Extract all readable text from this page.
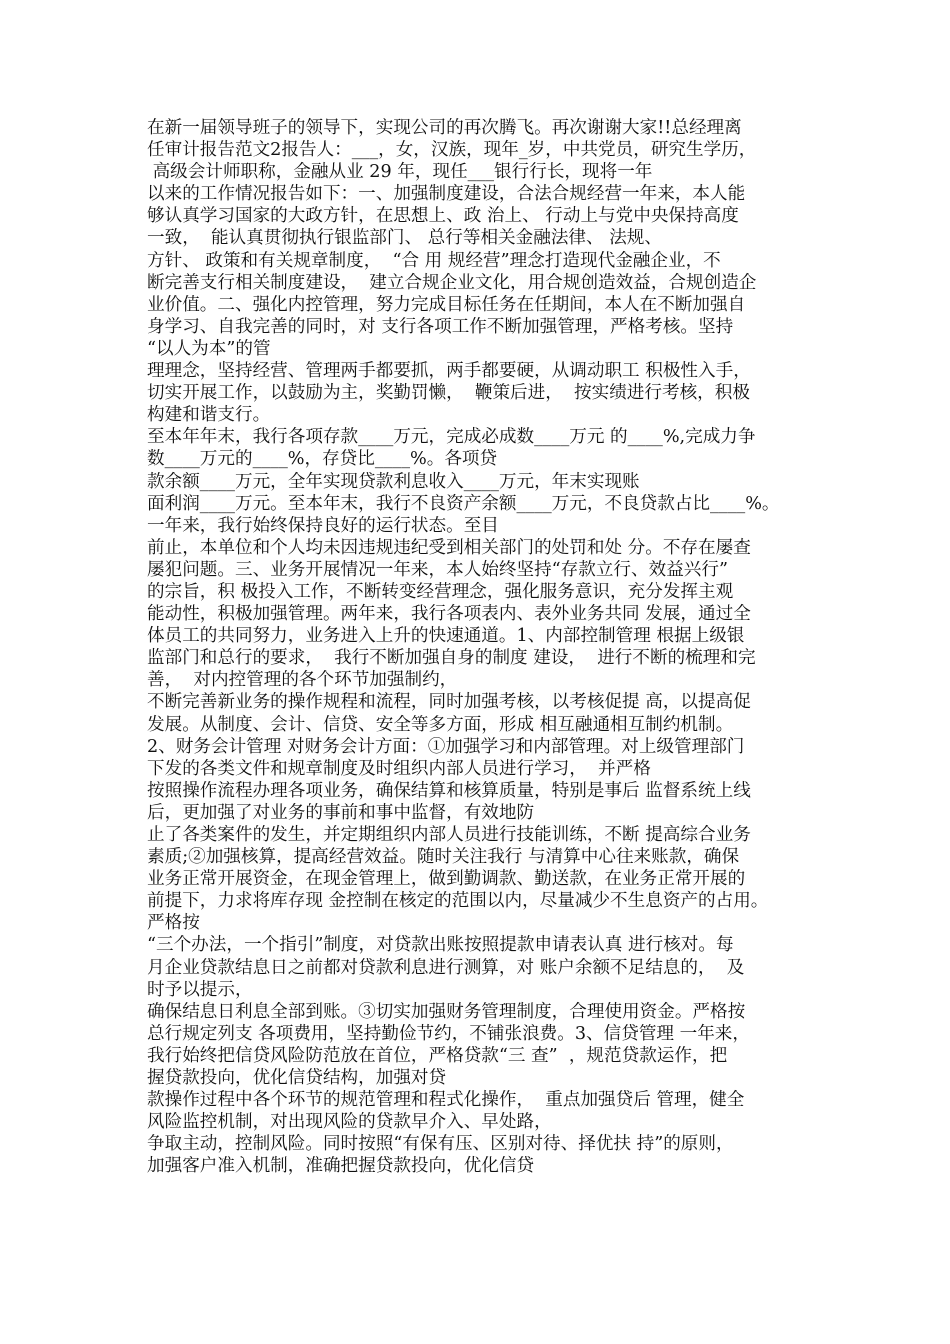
在新一届领导班子的领导下，实现公司的再次腾飞。再次谢谢大家!!总经理离
任审计报告范文2报告人：___，女，汉族，现年_岁，中共党员，研究生学历，
高级会计师职称，金融从业 29 年，现任___银行行长，现将一年
以来的工作情况报告如下：一、加强制度建设，合法合规经营一年来，本人能
够认真学习国家的大政方针，在思想上、政 治上、 行动上与党中央保持高度
一致，  能认真贯彻执行银监部门、 总行等相关金融法律、 法规、
方针、 政策和有关规章制度，  “合 用 规经营”理念打造现代金融企业，不
断完善支行相关制度建设，  建立合规企业文化，用合规创造效益，合规创造企
业价值。二、强化内控管理，努力完成目标任务在任期间，本人在不断加强自
身学习、自我完善的同时，对 支行各项工作不断加强管理，严格考核。坚持
“以人为本”的管
理理念，坚持经营、管理两手都要抓，两手都要硬，从调动职工 积极性入手，
切实开展工作，以鼓励为主，奖勤罚懒，  鞭策后进，  按实绩进行考核，积极
构建和谐支行。
至本年年末，我行各项存款____万元，完成必成数____万元 的____%,完成力争
数____万元的____%，存贷比____%。各项贷
款余额____万元，全年实现贷款利息收入____万元，年末实现账
面利润____万元。至本年末，我行不良资产余额____万元，不良贷款占比____%。
一年来，我行始终保持良好的运行状态。至目
前止，本单位和个人均未因违规违纪受到相关部门的处罚和处 分。不存在屡查
屡犯问题。三、业务开展情况一年来，本人始终坚持“存款立行、效益兴行”
的宗旨，积 极投入工作，不断转变经营理念，强化服务意识，充分发挥主观
能动性，积极加强管理。两年来，我行各项表内、表外业务共同 发展，通过全
体员工的共同努力，业务进入上升的快速通道。1、内部控制管理 根据上级银
监部门和总行的要求，  我行不断加强自身的制度 建设，  进行不断的梳理和完
善，  对内控管理的各个环节加强制约，
不断完善新业务的操作规程和流程，同时加强考核，以考核促提 高，以提高促
发展。从制度、会计、信贷、安全等多方面，形成 相互融通相互制约机制。
2、财务会计管理 对财务会计方面：①加强学习和内部管理。对上级管理部门
下发的各类文件和规章制度及时组织内部人员进行学习，  并严格
按照操作流程办理各项业务，确保结算和核算质量，特别是事后 监督系统上线
后，更加强了对业务的事前和事中监督，有效地防
止了各类案件的发生，并定期组织内部人员进行技能训练，不断 提高综合业务
素质;②加强核算，提高经营效益。随时关注我行 与清算中心往来账款，确保
业务正常开展资金，在现金管理上，做到勤调款、勤送款，在业务正常开展的
前提下，力求将库存现 金控制在核定的范围以内，尽量减少不生息资产的占用。
严格按
“三个办法，一个指引”制度，对贷款出账按照提款申请表认真 进行核对。每
月企业贷款结息日之前都对贷款利息进行测算，对 账户余额不足结息的，  及
时予以提示，
确保结息日利息全部到账。③切实加强财务管理制度，合理使用资金。严格按
总行规定列支 各项费用，坚持勤俭节约，不铺张浪费。3、信贷管理 一年来，
我行始终把信贷风险防范放在首位，严格贷款“三 查”  ，规范贷款运作，把
握贷款投向，优化信贷结构，加强对贷
款操作过程中各个环节的规范管理和程式化操作，  重点加强贷后 管理，健全
风险监控机制，对出现风险的贷款早介入、早处路，
争取主动，控制风险。同时按照“有保有压、区别对待、择优扶 持”的原则，
加强客户准入机制，准确把握贷款投向，优化信贷
